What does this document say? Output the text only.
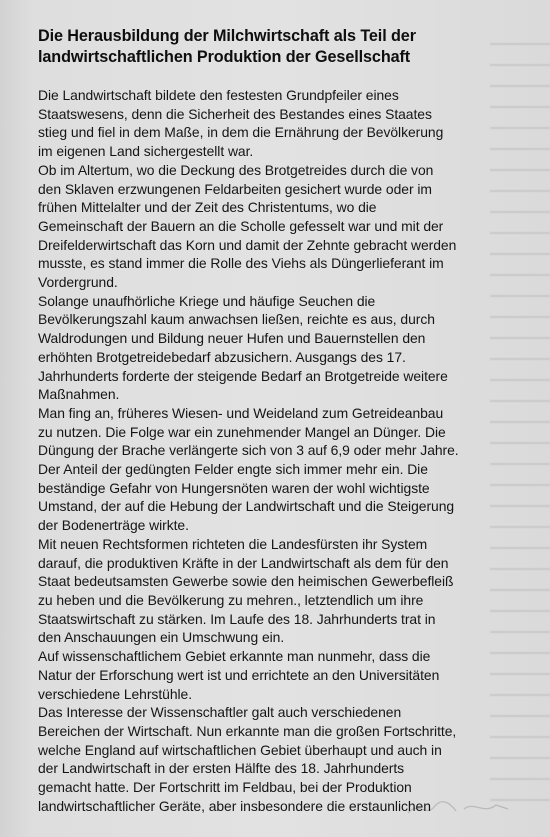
Die Herausbildung der Milchwirtschaft als Teil der
landwirtschaftlichen Produktion der Gesellschaft
Die Landwirtschaft bildete den festesten Grundpfeiler eines
Staatswesens, denn die Sicherheit des Bestandes eines Staates
stieg und fiel in dem Maße, in dem die Ernährung der Bevölkerung
im eigenen Land sichergestellt war.
Ob im Altertum, wo die Deckung des Brotgetreides durch die von
den Sklaven erzwungenen Feldarbeiten gesichert wurde oder im
frühen Mittelalter und der Zeit des Christentums, wo die
Gemeinschaft der Bauern an die Scholle gefesselt war und mit der
Dreifelderwirtschaft das Korn und damit der Zehnte gebracht werden
musste, es stand immer die Rolle des Viehs als Düngerlieferant im
Vordergrund.
Solange unaufhörliche Kriege und häufige Seuchen die
Bevölkerungszahl kaum anwachsen ließen, reichte es aus, durch
Waldrodungen und Bildung neuer Hufen und Bauernstellen den
erhöhten Brotgetreidebedarf abzusichern. Ausgangs des 17.
Jahrhunderts forderte der steigende Bedarf an Brotgetreide weitere
Maßnahmen.
Man fing an, früheres Wiesen- und Weideland zum Getreideanbau
zu nutzen. Die Folge war ein zunehmender Mangel an Dünger. Die
Düngung der Brache verlängerte sich von 3 auf 6,9 oder mehr Jahre.
Der Anteil der gedüngten Felder engte sich immer mehr ein. Die
beständige Gefahr von Hungersnöten waren der wohl wichtigste
Umstand, der auf die Hebung der Landwirtschaft und die Steigerung
der Bodenerträge wirkte.
Mit neuen Rechtsformen richteten die Landesfürsten ihr System
darauf, die produktiven Kräfte in der Landwirtschaft als dem für den
Staat bedeutsamsten Gewerbe sowie den heimischen Gewerbefleiß
zu heben und die Bevölkerung zu mehren., letztendlich um ihre
Staatswirtschaft zu stärken. Im Laufe des 18. Jahrhunderts trat in
den Anschauungen ein Umschwung ein.
Auf wissenschaftlichem Gebiet erkannte man nunmehr, dass die
Natur der Erforschung wert ist und errichtete an den Universitäten
verschiedene Lehrstühle.
Das Interesse der Wissenschaftler galt auch verschiedenen
Bereichen der Wirtschaft. Nun erkannte man die großen Fortschritte,
welche England auf wirtschaftlichen Gebiet überhaupt und auch in
der Landwirtschaft in der ersten Hälfte des 18. Jahrhunderts
gemacht hatte. Der Fortschritt im Feldbau, bei der Produktion
landwirtschaftlicher Geräte, aber insbesondere die erstaunlichen
